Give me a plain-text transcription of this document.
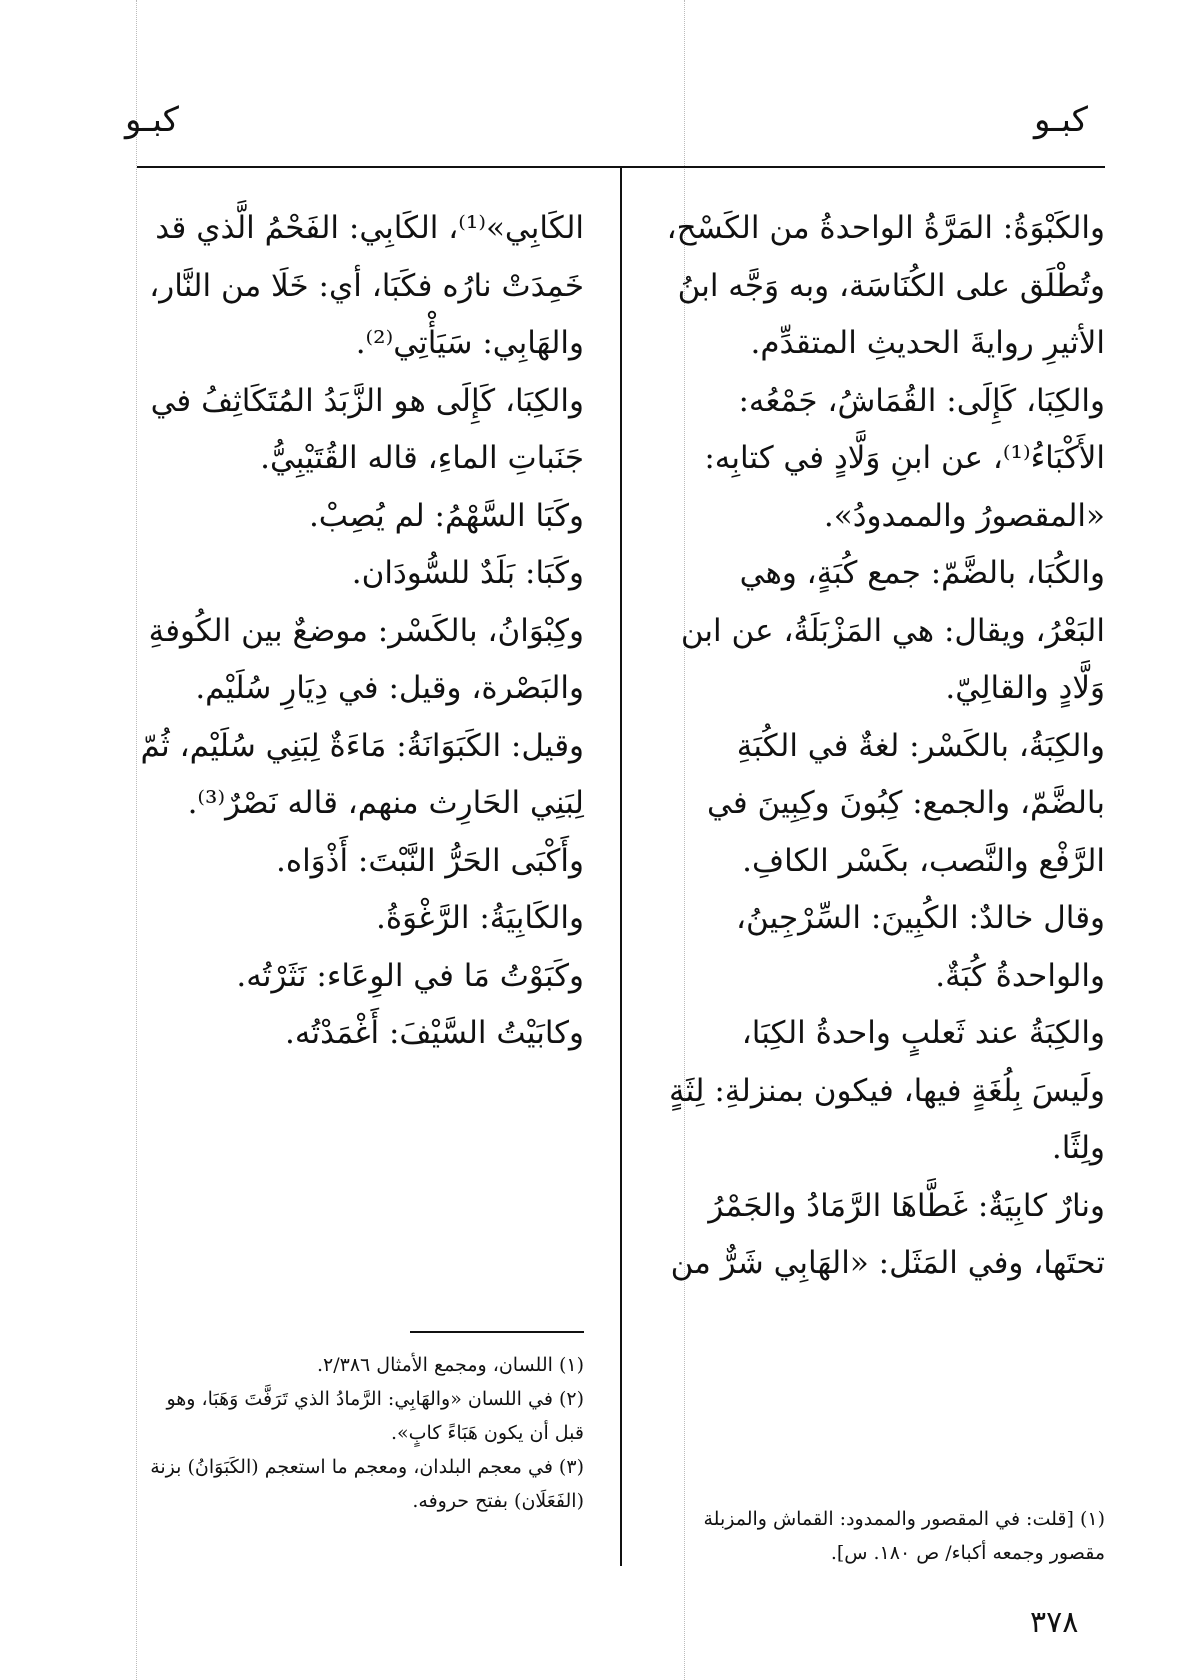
كبـو
كبـو

والكَبْوَةُ: المَرَّةُ الواحدةُ من الكَسْح، وتُطْلَق على الكُنَاسَة، وبه وَجَّه ابنُ الأثيرِ روايةَ الحديثِ المتقدِّم.

والكِبَا، كَإِلَى: القُمَاشُ، جَمْعُه: الأَكْبَاءُ⁽¹⁾، عن ابنِ وَلَّادٍ في كتابِه: «المقصورُ والممدودُ».

والكُبَا، بالضَّمّ: جمع كُبَةٍ، وهي البَعْرُ، ويقال: هي المَزْبَلَةُ، عن ابن وَلَّادٍ والقالِيّ.

والكِبَةُ، بالكَسْر: لغةٌ في الكُبَةِ بالضَّمّ، والجمع: كِبُونَ وكِبِينَ في الرَّفْع والنَّصب، بكَسْر الكافِ.

وقال خالدٌ: الكُبِينَ: السِّرْجِينُ، والواحدةُ كُبَةٌ.

والكِبَةُ عند ثَعلبٍ واحدةُ الكِبَا، ولَيسَ بِلُغَةٍ فيها، فيكون بمنزلةِ: لِثَةٍ ولِثًا.

ونارٌ كابِيَةٌ: غَطَّاهَا الرَّمَادُ والجَمْرُ تحتَها، وفي المَثَل: «الهَابِي شَرٌّ من

الكَابِي»⁽¹⁾، الكَابِي: الفَحْمُ الَّذي قد خَمِدَتْ نارُه فكَبَا، أي: خَلَا من النَّار، والهَابِي: سَيَأْتِي⁽²⁾.

والكِبَا، كَإِلَى هو الزَّبَدُ المُتَكَاثِفُ في جَنَباتِ الماءِ، قاله القُتَيْبِيُّ.

وكَبَا السَّهْمُ: لم يُصِبْ.

وكَبَا: بَلَدٌ للسُّودَان.

وكِبْوَانُ، بالكَسْر: موضعٌ بين الكُوفةِ والبَصْرة، وقيل: في دِيَارِ سُلَيْم.

وقيل: الكَبَوَانَةُ: مَاءَةٌ لِبَنِي سُلَيْم، ثُمّ لِبَنِي الحَارِث منهم، قاله نَصْرٌ⁽³⁾.

وأَكْبَى الحَرُّ النَّبْتَ: أَذْوَاه.

والكَابِيَةُ: الرَّغْوَةُ.

وكَبَوْتُ مَا في الوِعَاء: نَثَرْتُه.

وكابَيْتُ السَّيْفَ: أَغْمَدْتُه.

(١) اللسان، ومجمع الأمثال ٢/٣٨٦.

(٢) في اللسان «والهَابِي: الرَّمادُ الذي تَرَفَّتَ وَهَبَا، وهو قبل أن يكون هَبَاءً كابٍ».

(٣) في معجم البلدان، ومعجم ما استعجم (الكَبَوَانُ) بزنة (الفَعَلَان) بفتح حروفه.

(١) [قلت: في المقصور والممدود: القماش والمزبلة مقصور وجمعه أكباء/ ص ١٨٠. س].

٣٧٨
